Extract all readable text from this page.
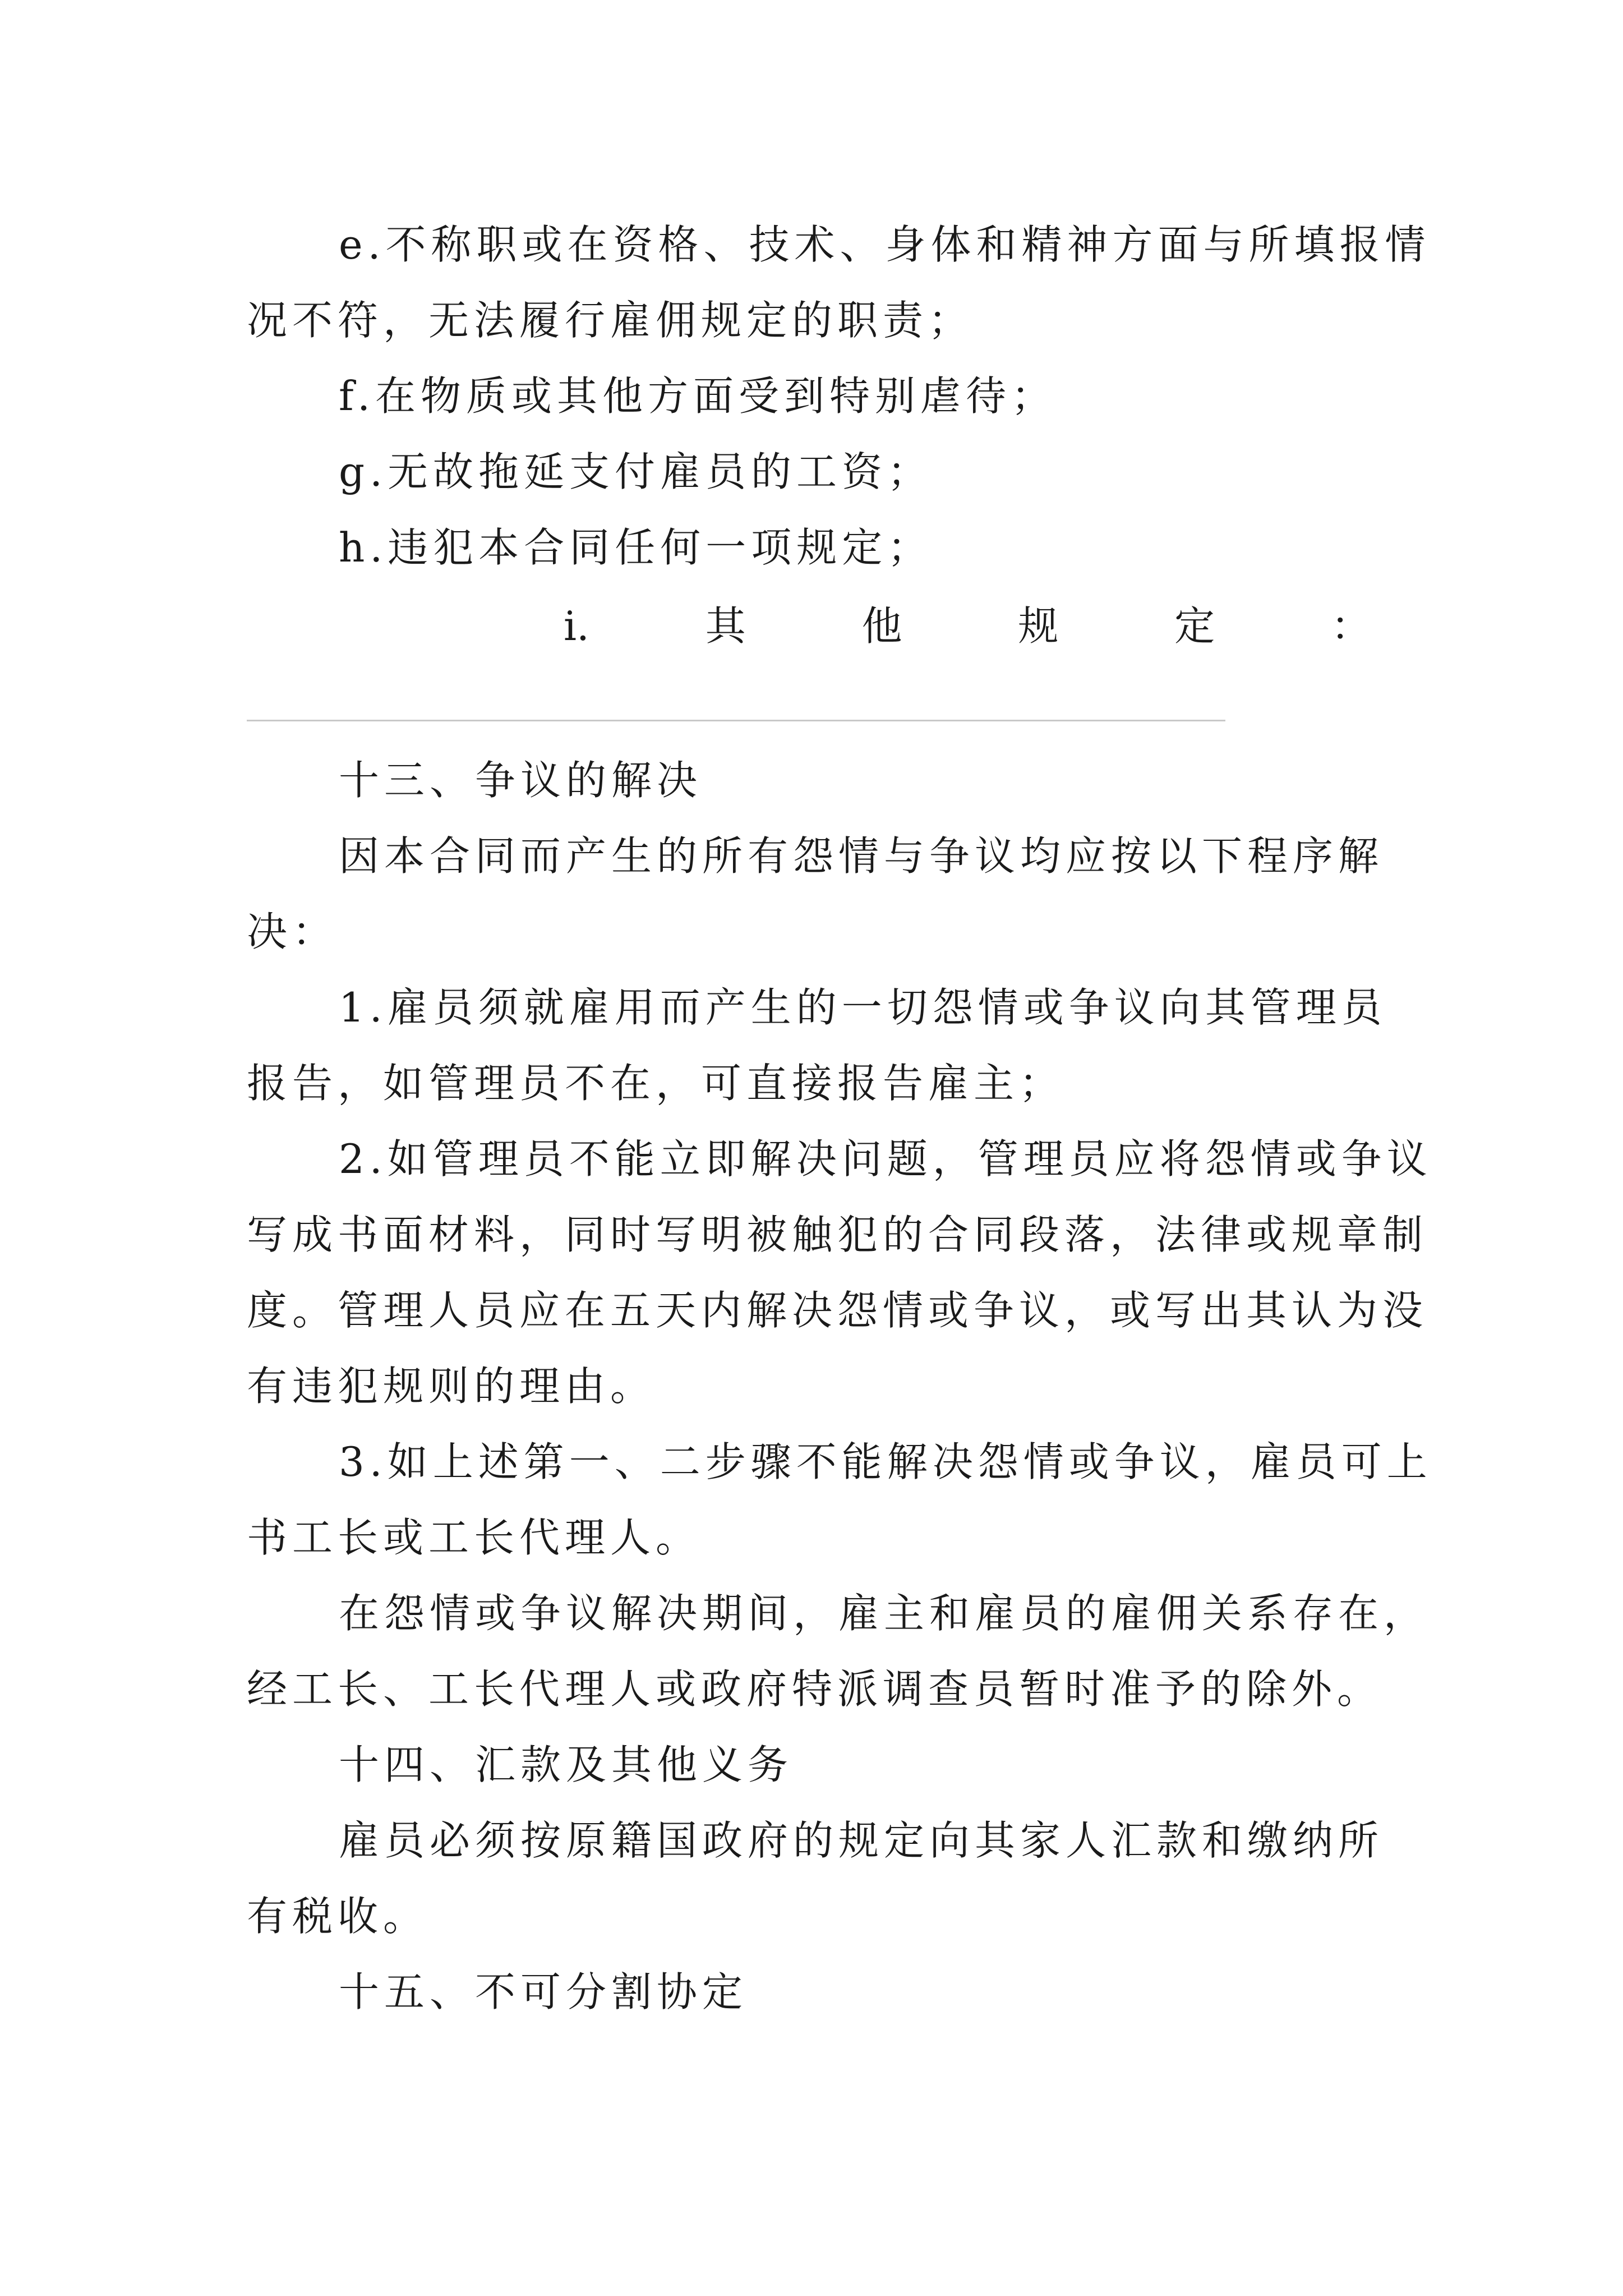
e.不称职或在资格、技术、身体和精神方面与所填报情
况不符，无法履行雇佣规定的职责；
f.在物质或其他方面受到特别虐待；
g.无故拖延支付雇员的工资；
h.违犯本合同任何一项规定；
i.	其	他	规	定	：
十三、争议的解决
因本合同而产生的所有怨情与争议均应按以下程序解
决：
1.雇员须就雇用而产生的一切怨情或争议向其管理员
报告，如管理员不在，可直接报告雇主；
2.如管理员不能立即解决问题，管理员应将怨情或争议
写成书面材料，同时写明被触犯的合同段落，法律或规章制
度。管理人员应在五天内解决怨情或争议，或写出其认为没
有违犯规则的理由。
3.如上述第一、二步骤不能解决怨情或争议，雇员可上
书工长或工长代理人。
在怨情或争议解决期间，雇主和雇员的雇佣关系存在，
经工长、工长代理人或政府特派调查员暂时准予的除外。
十四、汇款及其他义务
雇员必须按原籍国政府的规定向其家人汇款和缴纳所
有税收。
十五、不可分割协定
